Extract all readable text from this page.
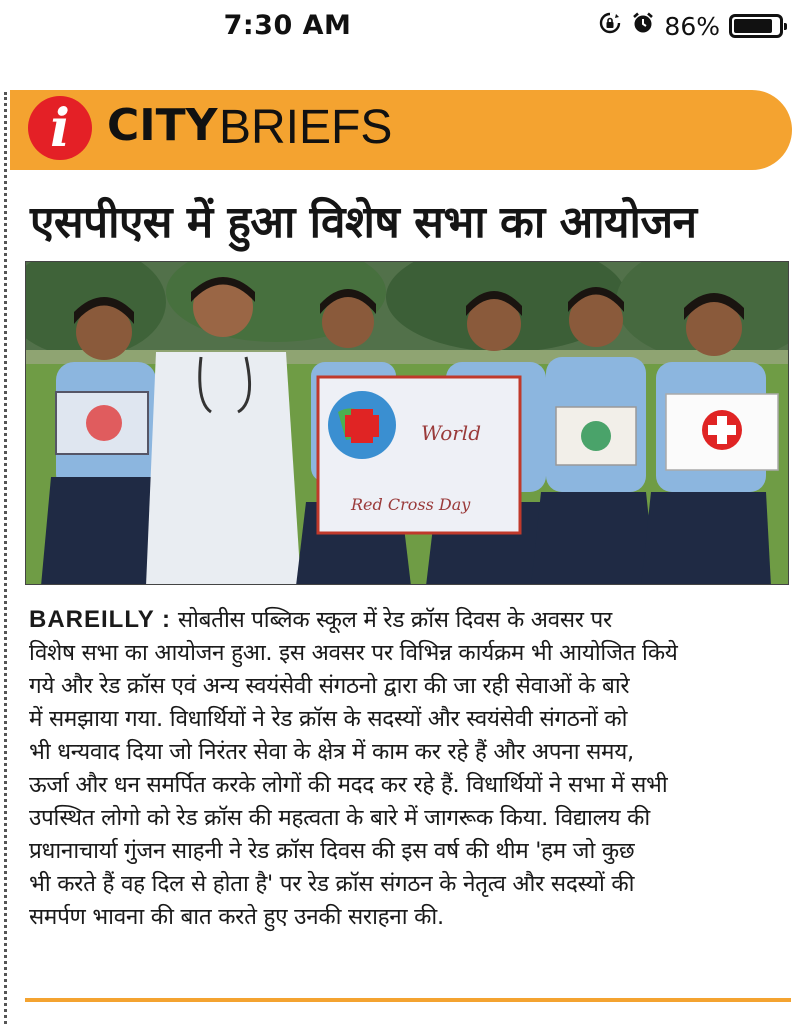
7:30 AM	86%
i CITY BRIEFS
एसपीएस में हुआ विशेष सभा का आयोजन
World
Red Cross Day
BAREILLY : सोबतीस पब्लिक स्कूल में रेड क्रॉस दिवस के अवसर पर
विशेष सभा का आयोजन हुआ. इस अवसर पर विभिन्न कार्यक्रम भी आयोजित किये
गये और रेड क्रॉस एवं अन्य स्वयंसेवी संगठनो द्वारा की जा रही सेवाओं के बारे
में समझाया गया. विधार्थियों ने रेड क्रॉस के सदस्यों और स्वयंसेवी संगठनों को
भी धन्यवाद दिया जो निरंतर सेवा के क्षेत्र में काम कर रहे हैं और अपना समय,
ऊर्जा और धन समर्पित करके लोगों की मदद कर रहे हैं. विधार्थियों ने सभा में सभी
उपस्थित लोगो को रेड क्रॉस की महत्वता के बारे में जागरूक किया. विद्यालय की
प्रधानाचार्या गुंजन साहनी ने रेड क्रॉस दिवस की इस वर्ष की थीम 'हम जो कुछ
भी करते हैं वह दिल से होता है' पर रेड क्रॉस संगठन के नेतृत्व और सदस्यों की
समर्पण भावना की बात करते हुए उनकी सराहना की.
